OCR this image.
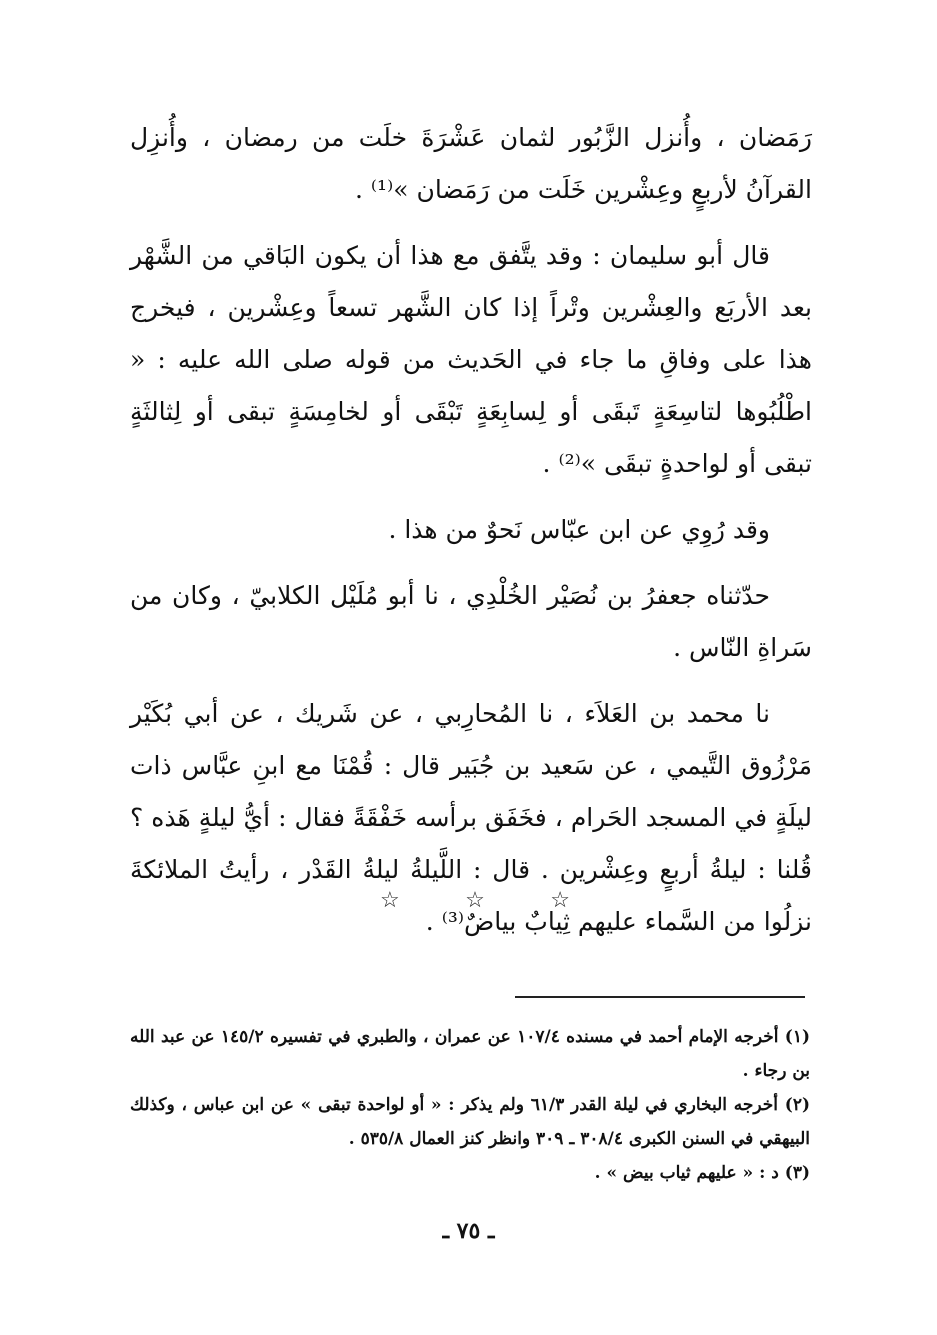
رَمَضان ، وأُنزل الزَّبُور لثمان عَشْرَةَ خلَت من رمضان ، وأُنزِل القرآنُ لأربعٍ وعِشْرين خَلَت من رَمَضان »⁽¹⁾ .

قال أبو سليمان : وقد يتَّفق مع هذا أن يكون البَاقي من الشَّهْر بعد الأربَع والعِشْرين وتْراً إذا كان الشَّهر تسعاً وعِشْرين ، فيخرج هذا على وفاقِ ما جاء في الحَديث من قوله صلى الله عليه : « اطْلُبُوها لتاسِعَةٍ تَبقَى أو لِسابِعَةٍ تَبْقَى أو لخامِسَةٍ تبقى أو لِثالثَةٍ تبقى أو لواحدةٍ تبقَى »⁽²⁾ .

وقد رُوِي عن ابن عبّاس نَحوٌ من هذا .

حدّثناه جعفرُ بن نُصَيْر الخُلْدِي ، نا أبو مُلَيْل الكلابيّ ، وكان من سَراةِ النّاس .

نا محمد بن العَلاَء ، نا المُحارِبي ، عن شَريك ، عن أبي بُكَيْر مَرْزُوق التَّيمي ، عن سَعيد بن جُبَير قال : قُمْنَا مع ابنِ عبَّاس ذات ليلَةٍ في المسجد الحَرام ، فخَفَق برأسه خَفْقَةً فقال : أيُّ ليلةٍ هَذه ؟ قُلنا : ليلةُ أربعٍ وعِشْرين . قال : اللَّيلةُ ليلةُ القَدْر ، رأيتُ الملائكةَ نزلُوا من السَّماء عليهم ثِيابٌ بياضٌ⁽³⁾ .

☆	☆	☆

(١) أخرجه الإمام أحمد في مسنده ١٠٧/٤ عن عمران ، والطبري في تفسيره ١٤٥/٢ عن عبد الله بن رجاء .

(٢) أخرجه البخاري في ليلة القدر ٦١/٣ ولم يذكر : « أو لواحدة تبقى » عن ابن عباس ، وكذلك البيهقي في السنن الكبرى ٣٠٨/٤ ـ ٣٠٩ وانظر كنز العمال ٥٣٥/٨ .

(٣) د : « عليهم ثياب بيض » .

ـ ٧٥ ـ
